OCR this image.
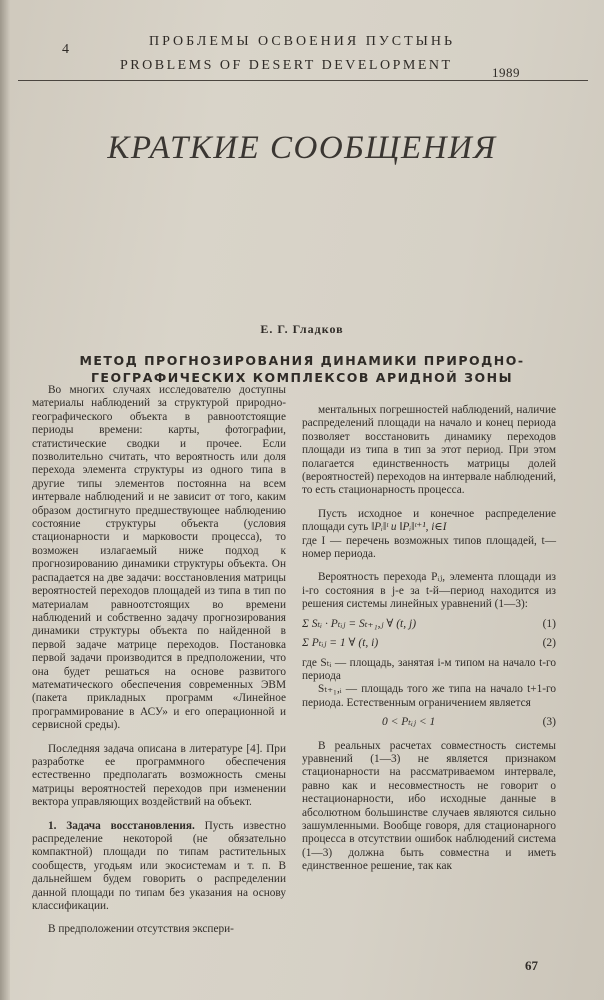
ПРОБЛЕМЫ ОСВОЕНИЯ ПУСТЫНЬ
4
PROBLEMS OF DESERT DEVELOPMENT	1989
КРАТКИЕ СООБЩЕНИЯ
Е. Г. Гладков
МЕТОД ПРОГНОЗИРОВАНИЯ ДИНАМИКИ ПРИРОДНО-ГЕОГРАФИЧЕСКИХ КОМПЛЕКСОВ АРИДНОЙ ЗОНЫ

Во многих случаях исследователю доступны материалы наблюдений за структурой природно-географического объекта в равноотстоящие периоды времени: карты, фотографии, статистические сводки и прочее. Если позволительно считать, что вероятность или доля перехода элемента структуры из одного типа в другие типы элементов постоянна на всем интервале наблюдений и не зависит от того, каким образом достигнуто предшествующее наблюдению состояние структуры объекта (условия стационарности и марковости процесса), то возможен излагаемый ниже подход к прогнозированию динамики структуры объекта. Он распадается на две задачи: восстановления матрицы вероятностей переходов площадей из типа в тип по материалам равноотстоящих во времени наблюдений и собственно задачу прогнозирования динамики структуры объекта по найденной в первой задаче матрице переходов. Постановка первой задачи производится в предположении, что она будет решаться на основе развитого математического обеспечения современных ЭВМ (пакета прикладных программ «Линейное программирование в АСУ» и его операционной и сервисной среды).

Последняя задача описана в литературе [4]. При разработке ее программного обеспечения естественно предполагать возможность смены матрицы вероятностей переходов при изменении вектора управляющих воздействий на объект.

1. Задача восстановления. Пусть известно распределение некоторой (не обязательно компактной) площади по типам растительных сообществ, угодьям или экосистемам и т. п. В дальнейшем будем говорить о распределении данной площади по типам без указания на основу классификации.

В предположении отсутствия экспери-

ментальных погрешностей наблюдений, наличие распределений площади на начало и конец периода позволяет восстановить динамику переходов площади из типа в тип за этот период. При этом полагается единственность матрицы долей (вероятностей) переходов на интервале наблюдений, то есть стационарность процесса.

Пусть исходное и конечное распределение площади суть ‖Pᵢ‖ᵗ и ‖Pᵢ‖ᵗ⁺¹, i∈I

где I — перечень возможных типов площадей, t—номер периода.

Вероятность перехода Pᵢⱼ, элемента площади из i-го состояния в j-е за t-й—период находится из решения системы линейных уравнений (1—3):

Σ Sₜᵢ · Pₜᵢⱼ = Sₜ₊₁,ⱼ ∀ (t, j)	(1)
Σ Pₜᵢⱼ = 1 ∀ (t, i)	(2)

где Sₜᵢ — площадь, занятая i-м типом на начало t-го периода

Sₜ₊₁,ᵢ — площадь того же типа на начало t+1-го периода. Естественным ограничением является

0 < Pₜᵢⱼ < 1	(3)

В реальных расчетах совместность системы уравнений (1—3) не является признаком стационарности на рассматриваемом интервале, равно как и несовместность не говорит о нестационарности, ибо исходные данные в абсолютном большинстве случаев являются сильно зашумленными. Вообще говоря, для стационарного процесса в отсутствии ошибок наблюдений система (1—3) должна быть совместна и иметь единственное решение, так как

67
